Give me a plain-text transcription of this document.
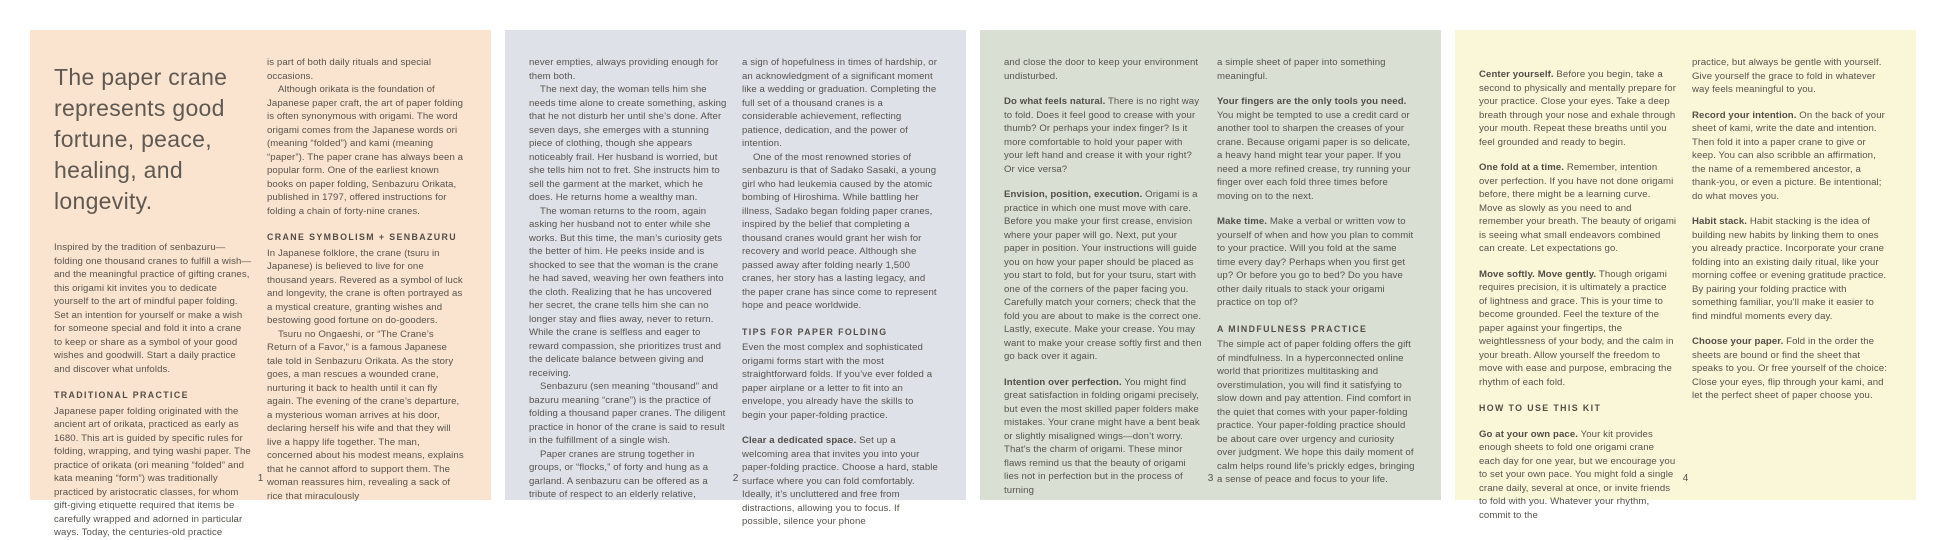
The paper crane represents good fortune, peace, healing, and longevity.

Inspired by the tradition of senbazuru—folding one thousand cranes to fulfill a wish—and the meaningful practice of gifting cranes, this origami kit invites you to dedicate yourself to the art of mindful paper folding. Set an intention for yourself or make a wish for someone special and fold it into a crane to keep or share as a symbol of your good wishes and goodwill. Start a daily practice and discover what unfolds.

TRADITIONAL PRACTICE

Japanese paper folding originated with the ancient art of orikata, practiced as early as 1680. This art is guided by specific rules for folding, wrapping, and tying washi paper. The practice of orikata (ori meaning “folded” and kata meaning “form”) was traditionally practiced by aristocratic classes, for whom gift-giving etiquette required that items be carefully wrapped and adorned in particular ways. Today, the centuries-old practice

is part of both daily rituals and special occasions.

Although orikata is the foundation of Japanese paper craft, the art of paper folding is often synonymous with origami. The word origami comes from the Japanese words ori (meaning “folded”) and kami (meaning “paper”). The paper crane has always been a popular form. One of the earliest known books on paper folding, Senbazuru Orikata, published in 1797, offered instructions for folding a chain of forty-nine cranes.

CRANE SYMBOLISM + SENBAZURU

In Japanese folklore, the crane (tsuru in Japanese) is believed to live for one thousand years. Revered as a symbol of luck and longevity, the crane is often portrayed as a mystical creature, granting wishes and bestowing good fortune on do-gooders.

Tsuru no Ongaeshi, or “The Crane’s Return of a Favor,” is a famous Japanese tale told in Senbazuru Orikata. As the story goes, a man rescues a wounded crane, nurturing it back to health until it can fly again. The evening of the crane’s departure, a mysterious woman arrives at his door, declaring herself his wife and that they will live a happy life together. The man, concerned about his modest means, explains that he cannot afford to support them. The woman reassures him, revealing a sack of rice that miraculously

1

never empties, always providing enough for them both.

The next day, the woman tells him she needs time alone to create something, asking that he not disturb her until she’s done. After seven days, she emerges with a stunning piece of clothing, though she appears noticeably frail. Her husband is worried, but she tells him not to fret. She instructs him to sell the garment at the market, which he does. He returns home a wealthy man.

The woman returns to the room, again asking her husband not to enter while she works. But this time, the man’s curiosity gets the better of him. He peeks inside and is shocked to see that the woman is the crane he had saved, weaving her own feathers into the cloth. Realizing that he has uncovered her secret, the crane tells him she can no longer stay and flies away, never to return. While the crane is selfless and eager to reward compassion, she prioritizes trust and the delicate balance between giving and receiving.

Senbazuru (sen meaning “thousand” and bazuru meaning “crane”) is the practice of folding a thousand paper cranes. The diligent practice in honor of the crane is said to result in the fulfillment of a single wish.

Paper cranes are strung together in groups, or “flocks,” of forty and hung as a garland. A senbazuru can be offered as a tribute of respect to an elderly relative,

a sign of hopefulness in times of hardship, or an acknowledgment of a significant moment like a wedding or graduation. Completing the full set of a thousand cranes is a considerable achievement, reflecting patience, dedication, and the power of intention.

One of the most renowned stories of senbazuru is that of Sadako Sasaki, a young girl who had leukemia caused by the atomic bombing of Hiroshima. While battling her illness, Sadako began folding paper cranes, inspired by the belief that completing a thousand cranes would grant her wish for recovery and world peace. Although she passed away after folding nearly 1,500 cranes, her story has a lasting legacy, and the paper crane has since come to represent hope and peace worldwide.

TIPS FOR PAPER FOLDING

Even the most complex and sophisticated origami forms start with the most straightforward folds. If you’ve ever folded a paper airplane or a letter to fit into an envelope, you already have the skills to begin your paper-folding practice.

Clear a dedicated space. Set up a welcoming area that invites you into your paper-folding practice. Choose a hard, stable surface where you can fold comfortably. Ideally, it’s uncluttered and free from distractions, allowing you to focus. If possible, silence your phone

2

and close the door to keep your environment undisturbed.

Do what feels natural. There is no right way to fold. Does it feel good to crease with your thumb? Or perhaps your index finger? Is it more comfortable to hold your paper with your left hand and crease it with your right? Or vice versa?

Envision, position, execution. Origami is a practice in which one must move with care. Before you make your first crease, envision where your paper will go. Next, put your paper in position. Your instructions will guide you on how your paper should be placed as you start to fold, but for your tsuru, start with one of the corners of the paper facing you. Carefully match your corners; check that the fold you are about to make is the correct one. Lastly, execute. Make your crease. You may want to make your crease softly first and then go back over it again.

Intention over perfection. You might find great satisfaction in folding origami precisely, but even the most skilled paper folders make mistakes. Your crane might have a bent beak or slightly misaligned wings—don’t worry. That’s the charm of origami. These minor flaws remind us that the beauty of origami lies not in perfection but in the process of turning

a simple sheet of paper into something meaningful.

Your fingers are the only tools you need. You might be tempted to use a credit card or another tool to sharpen the creases of your crane. Because origami paper is so delicate, a heavy hand might tear your paper. If you need a more refined crease, try running your finger over each fold three times before moving on to the next.

Make time. Make a verbal or written vow to yourself of when and how you plan to commit to your practice. Will you fold at the same time every day? Perhaps when you first get up? Or before you go to bed? Do you have other daily rituals to stack your origami practice on top of?

A MINDFULNESS PRACTICE

The simple act of paper folding offers the gift of mindfulness. In a hyperconnected online world that prioritizes multitasking and overstimulation, you will find it satisfying to slow down and pay attention. Find comfort in the quiet that comes with your paper-folding practice. Your paper-folding practice should be about care over urgency and curiosity over judgment. We hope this daily moment of calm helps round life’s prickly edges, bringing a sense of peace and focus to your life.

3

Center yourself. Before you begin, take a second to physically and mentally prepare for your practice. Close your eyes. Take a deep breath through your nose and exhale through your mouth. Repeat these breaths until you feel grounded and ready to begin.

One fold at a time. Remember, intention over perfection. If you have not done origami before, there might be a learning curve. Move as slowly as you need to and remember your breath. The beauty of origami is seeing what small endeavors combined can create. Let expectations go.

Move softly. Move gently. Though origami requires precision, it is ultimately a practice of lightness and grace. This is your time to become grounded. Feel the texture of the paper against your fingertips, the weightlessness of your body, and the calm in your breath. Allow yourself the freedom to move with ease and purpose, embracing the rhythm of each fold.

HOW TO USE THIS KIT

Go at your own pace. Your kit provides enough sheets to fold one origami crane each day for one year, but we encourage you to set your own pace. You might fold a single crane daily, several at once, or invite friends to fold with you. Whatever your rhythm, commit to the

practice, but always be gentle with yourself. Give yourself the grace to fold in whatever way feels meaningful to you.

Record your intention. On the back of your sheet of kami, write the date and intention. Then fold it into a paper crane to give or keep. You can also scribble an affirmation, the name of a remembered ancestor, a thank-you, or even a picture. Be intentional; do what moves you.

Habit stack. Habit stacking is the idea of building new habits by linking them to ones you already practice. Incorporate your crane folding into an existing daily ritual, like your morning coffee or evening gratitude practice. By pairing your folding practice with something familiar, you’ll make it easier to find mindful moments every day.

Choose your paper. Fold in the order the sheets are bound or find the sheet that speaks to you. Or free yourself of the choice: Close your eyes, flip through your kami, and let the perfect sheet of paper choose you.

4
